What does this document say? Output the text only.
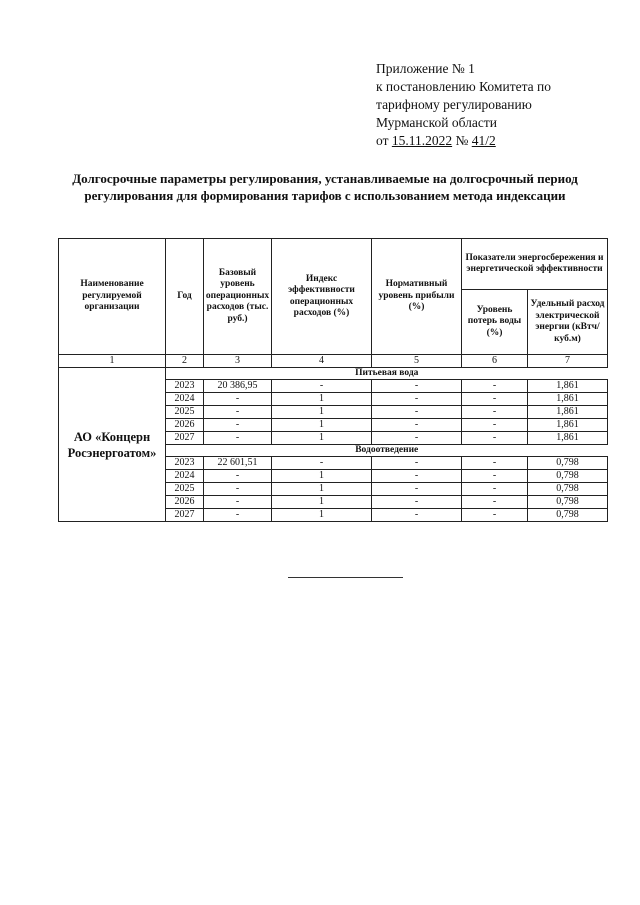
Приложение № 1
к постановлению Комитета по
тарифному регулированию
Мурманской области
от 15.11.2022 № 41/2
Долгосрочные параметры регулирования, устанавливаемые на долгосрочный период регулирования для формирования тарифов с использованием метода индексации
Наименование регулируемой организации	Год	Базовый уровень операционных расходов (тыс. руб.)	Индекс эффективности операционных расходов (%)	Нормативный уровень прибыли (%)	Показатели энергосбережения и энергетической эффективности	
					Уровень потерь воды (%)	Удельный расход электрической энергии (кВтч/куб.м)
1	2	3	4	5	6	7
АО «Концерн Росэнергоатом»	Питьевая вода					
	2023	20 386,95	-	-	-	1,861
	2024	-	1	-	-	1,861
	2025	-	1	-	-	1,861
	2026	-	1	-	-	1,861
	2027	-	1	-	-	1,861
	Водоотведение					
	2023	22 601,51	-	-	-	0,798
	2024	-	1	-	-	0,798
	2025	-	1	-	-	0,798
	2026	-	1	-	-	0,798
	2027	-	1	-	-	0,798
